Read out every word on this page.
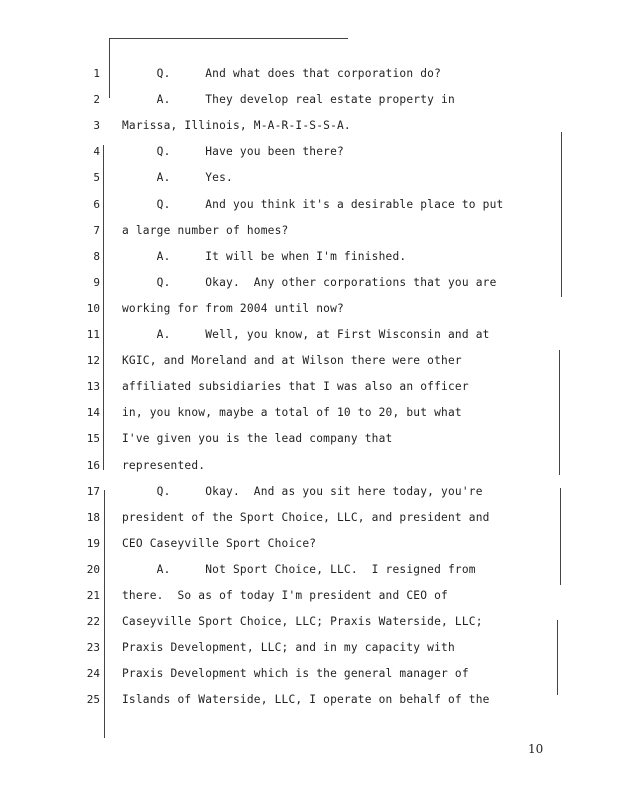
1 Q.     And what does that corporation do?
2 A.     They develop real estate property in
3 Marissa, Illinois, M-A-R-I-S-S-A.
4 Q.     Have you been there?
5 A.     Yes.
6 Q.     And you think it's a desirable place to put
7 a large number of homes?
8 A.     It will be when I'm finished.
9 Q.     Okay.  Any other corporations that you are
10 working for from 2004 until now?
11 A.     Well, you know, at First Wisconsin and at
12 KGIC, and Moreland and at Wilson there were other
13 affiliated subsidiaries that I was also an officer
14 in, you know, maybe a total of 10 to 20, but what
15 I've given you is the lead company that
16 represented.
17 Q.     Okay.  And as you sit here today, you're
18 president of the Sport Choice, LLC, and president and
19 CEO Caseyville Sport Choice?
20 A.     Not Sport Choice, LLC.  I resigned from
21 there.  So as of today I'm president and CEO of
22 Caseyville Sport Choice, LLC; Praxis Waterside, LLC;
23 Praxis Development, LLC; and in my capacity with
24 Praxis Development which is the general manager of
25 Islands of Waterside, LLC, I operate on behalf of the
10
